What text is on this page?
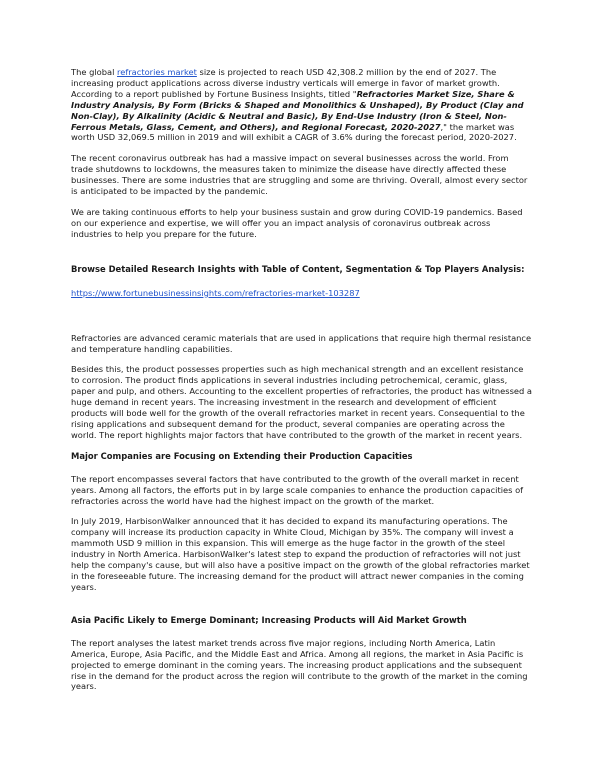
The global refractories market size is projected to reach USD 42,308.2 million by the end of 2027. The increasing product applications across diverse industry verticals will emerge in favor of market growth. According to a report published by Fortune Business Insights, titled "Refractories Market Size, Share & Industry Analysis, By Form (Bricks & Shaped and Monolithics & Unshaped), By Product (Clay and Non-Clay), By Alkalinity (Acidic & Neutral and Basic), By End-Use Industry (Iron & Steel, Non-Ferrous Metals, Glass, Cement, and Others), and Regional Forecast, 2020-2027," the market was worth USD 32,069.5 million in 2019 and will exhibit a CAGR of 3.6% during the forecast period, 2020-2027.

The recent coronavirus outbreak has had a massive impact on several businesses across the world. From trade shutdowns to lockdowns, the measures taken to minimize the disease have directly affected these businesses. There are some industries that are struggling and some are thriving. Overall, almost every sector is anticipated to be impacted by the pandemic.

We are taking continuous efforts to help your business sustain and grow during COVID-19 pandemics. Based on our experience and expertise, we will offer you an impact analysis of coronavirus outbreak across industries to help you prepare for the future.

Browse Detailed Research Insights with Table of Content, Segmentation & Top Players Analysis:

https://www.fortunebusinessinsights.com/refractories-market-103287

Refractories are advanced ceramic materials that are used in applications that require high thermal resistance and temperature handling capabilities.

Besides this, the product possesses properties such as high mechanical strength and an excellent resistance to corrosion. The product finds applications in several industries including petrochemical, ceramic, glass, paper and pulp, and others. Accounting to the excellent properties of refractories, the product has witnessed a huge demand in recent years. The increasing investment in the research and development of efficient products will bode well for the growth of the overall refractories market in recent years. Consequential to the rising applications and subsequent demand for the product, several companies are operating across the world. The report highlights major factors that have contributed to the growth of the market in recent years.

Major Companies are Focusing on Extending their Production Capacities

The report encompasses several factors that have contributed to the growth of the overall market in recent years. Among all factors, the efforts put in by large scale companies to enhance the production capacities of refractories across the world have had the highest impact on the growth of the market.

In July 2019, HarbisonWalker announced that it has decided to expand its manufacturing operations. The company will increase its production capacity in White Cloud, Michigan by 35%. The company will invest a mammoth USD 9 million in this expansion. This will emerge as the huge factor in the growth of the steel industry in North America. HarbisonWalker's latest step to expand the production of refractories will not just help the company's cause, but will also have a positive impact on the growth of the global refractories market in the foreseeable future. The increasing demand for the product will attract newer companies in the coming years.

Asia Pacific Likely to Emerge Dominant; Increasing Products will Aid Market Growth

The report analyses the latest market trends across five major regions, including North America, Latin America, Europe, Asia Pacific, and the Middle East and Africa. Among all regions, the market in Asia Pacific is projected to emerge dominant in the coming years. The increasing product applications and the subsequent rise in the demand for the product across the region will contribute to the growth of the market in the coming years.
